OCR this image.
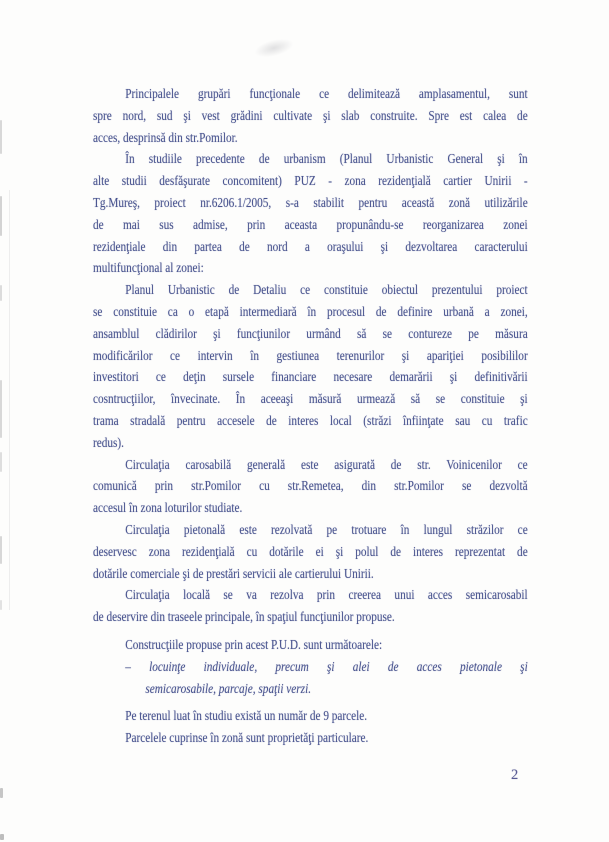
Principalele grupări funcţionale ce delimitează amplasamentul, sunt
spre nord, sud şi vest grădini cultivate şi slab construite. Spre est calea de
acces, desprinsă din str.Pomilor.
În studiile precedente de urbanism (Planul Urbanistic General şi în
alte studii desfăşurate concomitent) PUZ - zona rezidenţială cartier Unirii -
Tg.Mureş, proiect nr.6206.1/2005, s-a stabilit pentru această zonă utilizările
de mai sus admise, prin aceasta propunându-se reorganizarea zonei
rezidenţiale din partea de nord a oraşului şi dezvoltarea caracterului
multifuncţional al zonei:
Planul Urbanistic de Detaliu ce constituie obiectul prezentului proiect
se constituie ca o etapă intermediară în procesul de definire urbană a zonei,
ansamblul clădirilor şi funcţiunilor urmând să se contureze pe măsura
modificărilor ce intervin în gestiunea terenurilor şi apariţiei posibililor
investitori ce deţin sursele financiare necesare demarării şi definitivării
cosntrucţiilor, învecinate. În aceeaşi măsură urmează să se constituie şi
trama stradală pentru accesele de interes local (străzi înfiinţate sau cu trafic
redus).
Circulaţia carosabilă generală este asigurată de str. Voinicenilor ce
comunică prin str.Pomilor cu str.Remetea, din str.Pomilor se dezvoltă
accesul în zona loturilor studiate.
Circulaţia pietonală este rezolvată pe trotuare în lungul străzilor ce
deservesc zona rezidenţială cu dotările ei şi polul de interes reprezentat de
dotările comerciale şi de prestări servicii ale cartierului Unirii.
Circulaţia locală se va rezolva prin creerea unui acces semicarosabil
de deservire din traseele principale, în spaţiul funcţiunilor propuse.
Construcţiile propuse prin acest P.U.D. sunt următoarele:
– locuinţe individuale, precum şi alei de acces pietonale şi
semicarosabile, parcaje, spaţii verzi.
Pe terenul luat în studiu există un număr de 9 parcele.
Parcelele cuprinse în zonă sunt proprietăţi particulare.
2
